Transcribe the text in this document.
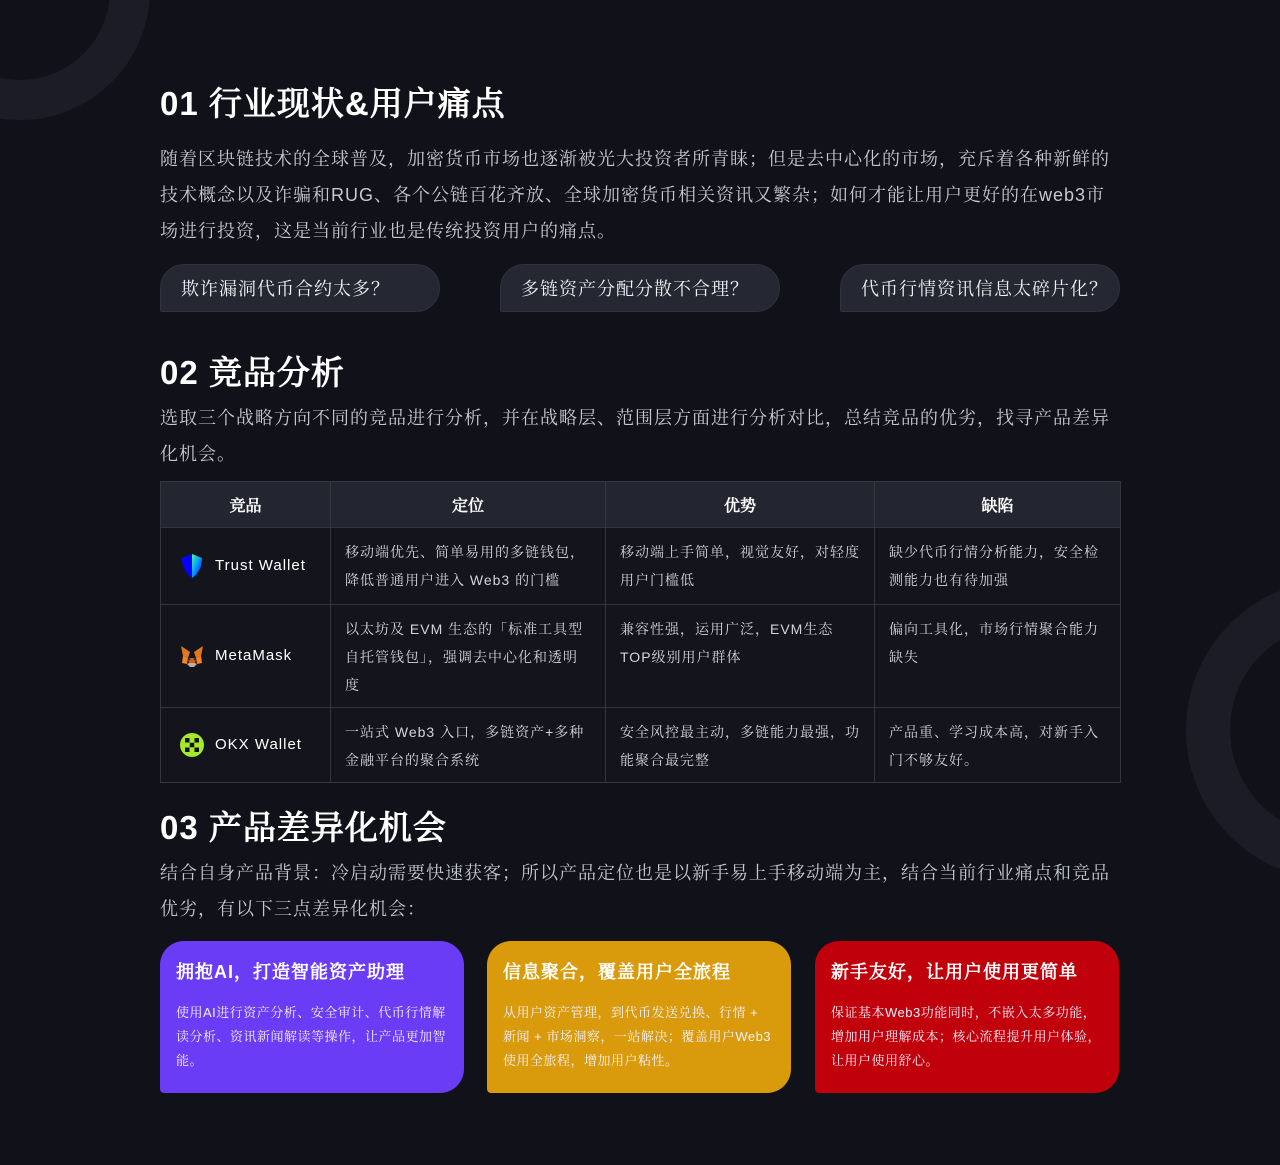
01 行业现状&用户痛点

随着区块链技术的全球普及，加密货币市场也逐渐被光大投资者所青睐；但是去中心化的市场，充斥着各种新鲜的技术概念以及诈骗和RUG、各个公链百花齐放、全球加密货币相关资讯又繁杂；如何才能让用户更好的在web3市场进行投资，这是当前行业也是传统投资用户的痛点。

欺诈漏洞代币合约太多？	多链资产分配分散不合理？	代币行情资讯信息太碎片化？
02 竞品分析

选取三个战略方向不同的竞品进行分析，并在战略层、范围层方面进行分析对比，总结竞品的优劣，找寻产品差异化机会。

竞品	定位	优势	缺陷

Trust Wallet	移动端优先、简单易用的多链钱包，降低普通用户进入 Web3 的门槛	移动端上手简单，视觉友好，对轻度用户门槛低	缺少代币行情分析能力，安全检测能力也有待加强

MetaMask	以太坊及 EVM 生态的「标准工具型自托管钱包」，强调去中心化和透明度	兼容性强，运用广泛，EVM生态TOP级别用户群体	偏向工具化，市场行情聚合能力缺失

OKX Wallet	一站式 Web3 入口，多链资产+多种金融平台的聚合系统	安全风控最主动，多链能力最强，功能聚合最完整	产品重、学习成本高，对新手入门不够友好。
03 产品差异化机会

结合自身产品背景：冷启动需要快速获客；所以产品定位也是以新手易上手移动端为主，结合当前行业痛点和竞品优劣，有以下三点差异化机会：

拥抱AI，打造智能资产助理

使用AI进行资产分析、安全审计、代币行情解读分析、资讯新闻解读等操作，让产品更加智能。

信息聚合，覆盖用户全旅程

从用户资产管理，到代币发送兑换、行情 + 新闻 + 市场洞察，一站解决；覆盖用户Web3使用全旅程，增加用户粘性。

新手友好，让用户使用更简单

保证基本Web3功能同时，不嵌入太多功能，增加用户理解成本；核心流程提升用户体验，让用户使用舒心。
